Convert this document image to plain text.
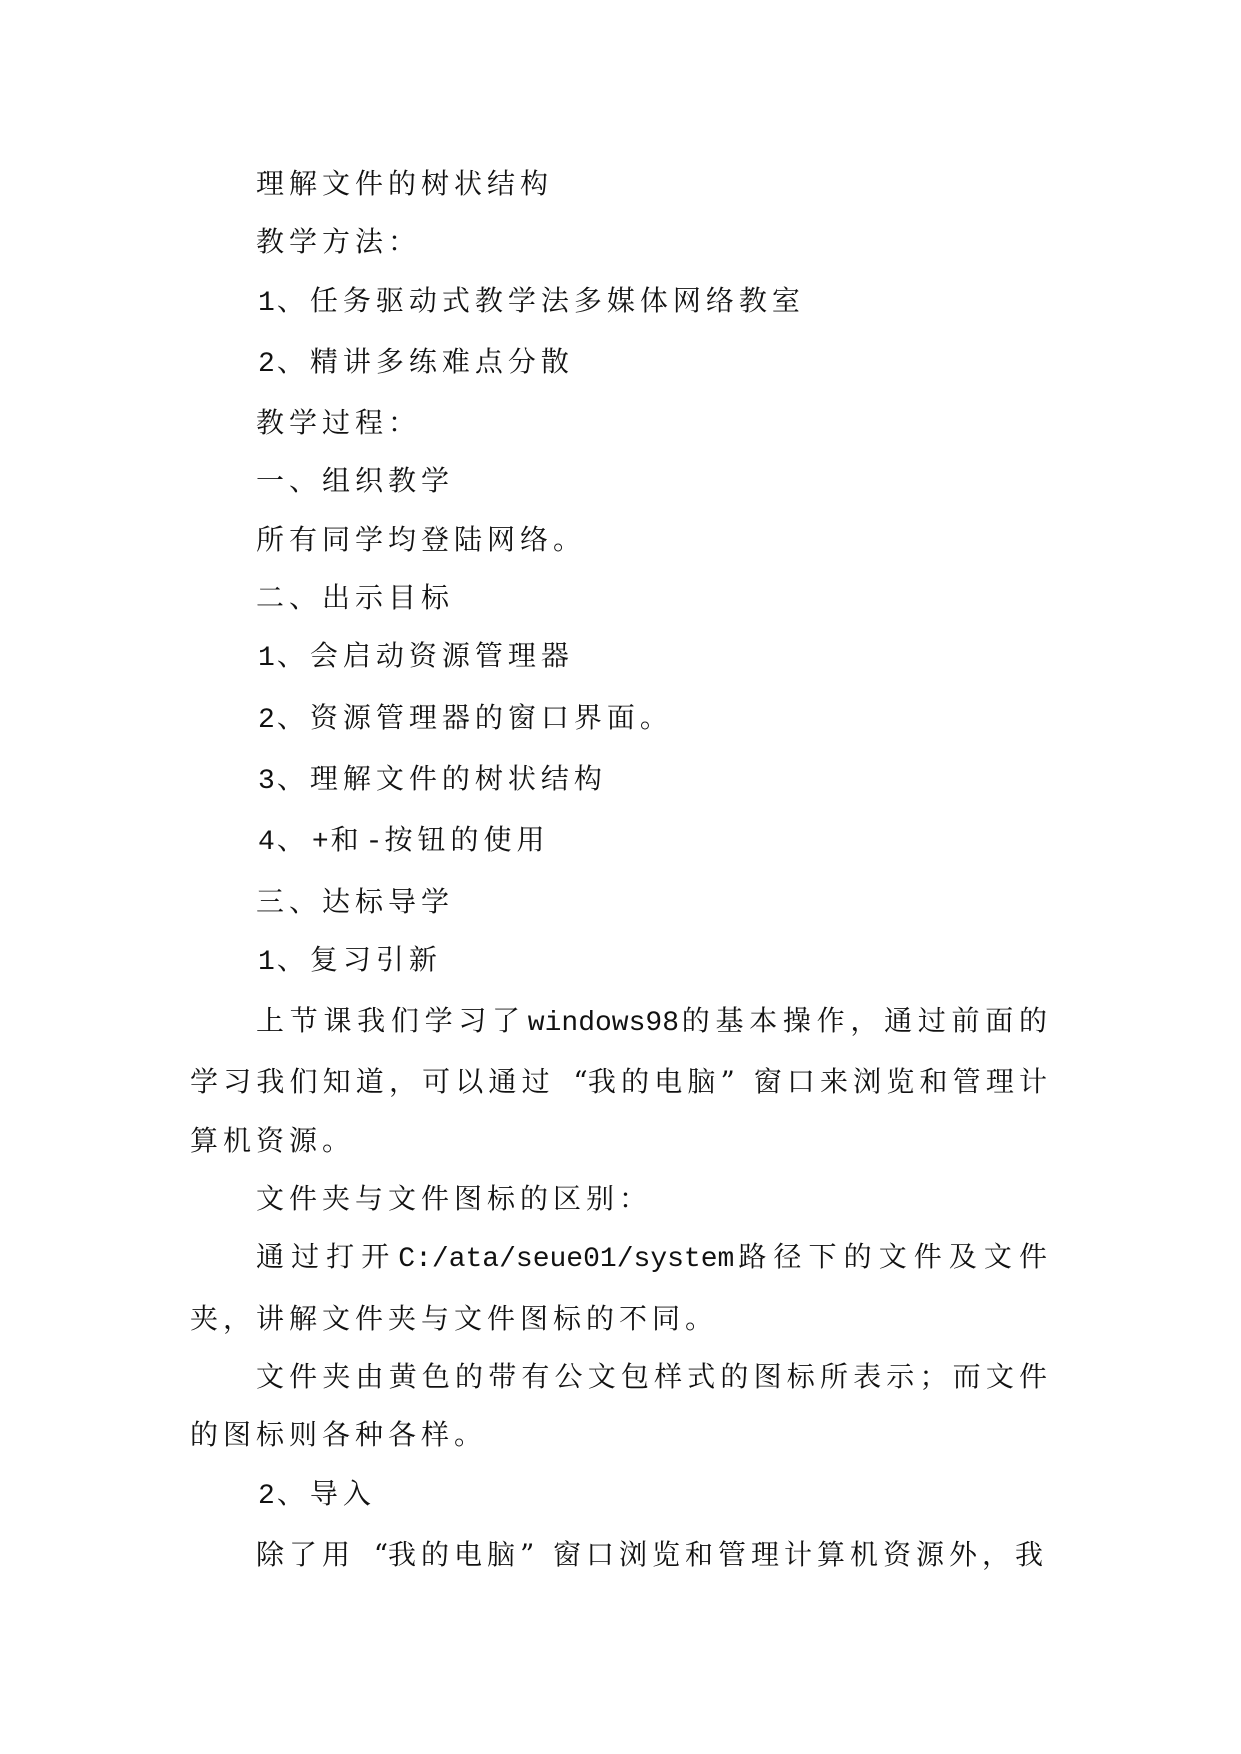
理解文件的树状结构

教学方法：

1、任务驱动式教学法多媒体网络教室

2、精讲多练难点分散

教学过程：

一、组织教学

所有同学均登陆网络。

二、出示目标

1、会启动资源管理器

2、资源管理器的窗口界面。

3、理解文件的树状结构

4、+和-按钮的使用

三、达标导学

1、复习引新

上节课我们学习了windows98的基本操作，通过前面的学习我们知道，可以通过 “我的电脑” 窗口来浏览和管理计算机资源。

文件夹与文件图标的区别：

通过打开C:/ata/seue01/system路径下的文件及文件夹，讲解文件夹与文件图标的不同。

文件夹由黄色的带有公文包样式的图标所表示；而文件的图标则各种各样。

2、导入

除了用 “我的电脑” 窗口浏览和管理计算机资源外，我
